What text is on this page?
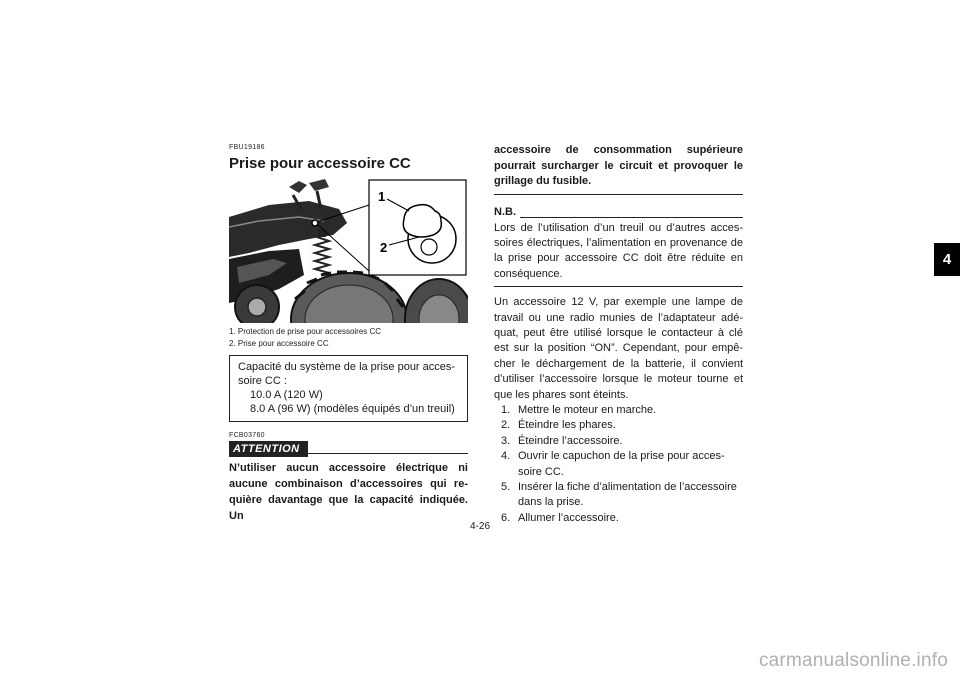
4
FBU19186
Prise pour accessoire CC
1
2
1. Protection de prise pour accessoires CC
2. Prise pour accessoire CC
Capacité du système de la prise pour acces-
soire CC :
10.0 A (120 W)
8.0 A (96 W) (modèles équipés d’un treuil)
FCB03760
ATTENTION
N’utiliser aucun accessoire électrique ni aucune combinaison d’accessoires qui re-quière davantage que la capacité indiquée. Un
accessoire de consommation supérieure pourrait surcharger le circuit et provoquer le grillage du fusible.
N.B.
Lors de l’utilisation d’un treuil ou d’autres acces-soires électriques, l’alimentation en provenance de la prise pour accessoire CC doit être réduite en conséquence.
Un accessoire 12 V, par exemple une lampe de travail ou une radio munies de l’adaptateur adé-quat, peut être utilisé lorsque le contacteur à clé est sur la position “ON”. Cependant, pour empê-cher le déchargement de la batterie, il convient d’utiliser l’accessoire lorsque le moteur tourne et que les phares sont éteints.
1. Mettre le moteur en marche.
2. Éteindre les phares.
3. Éteindre l’accessoire.
4. Ouvrir le capuchon de la prise pour acces-soire CC.
5. Insérer la fiche d’alimentation de l’accessoire dans la prise.
6. Allumer l’accessoire.
4-26
carmanualsonline.info
